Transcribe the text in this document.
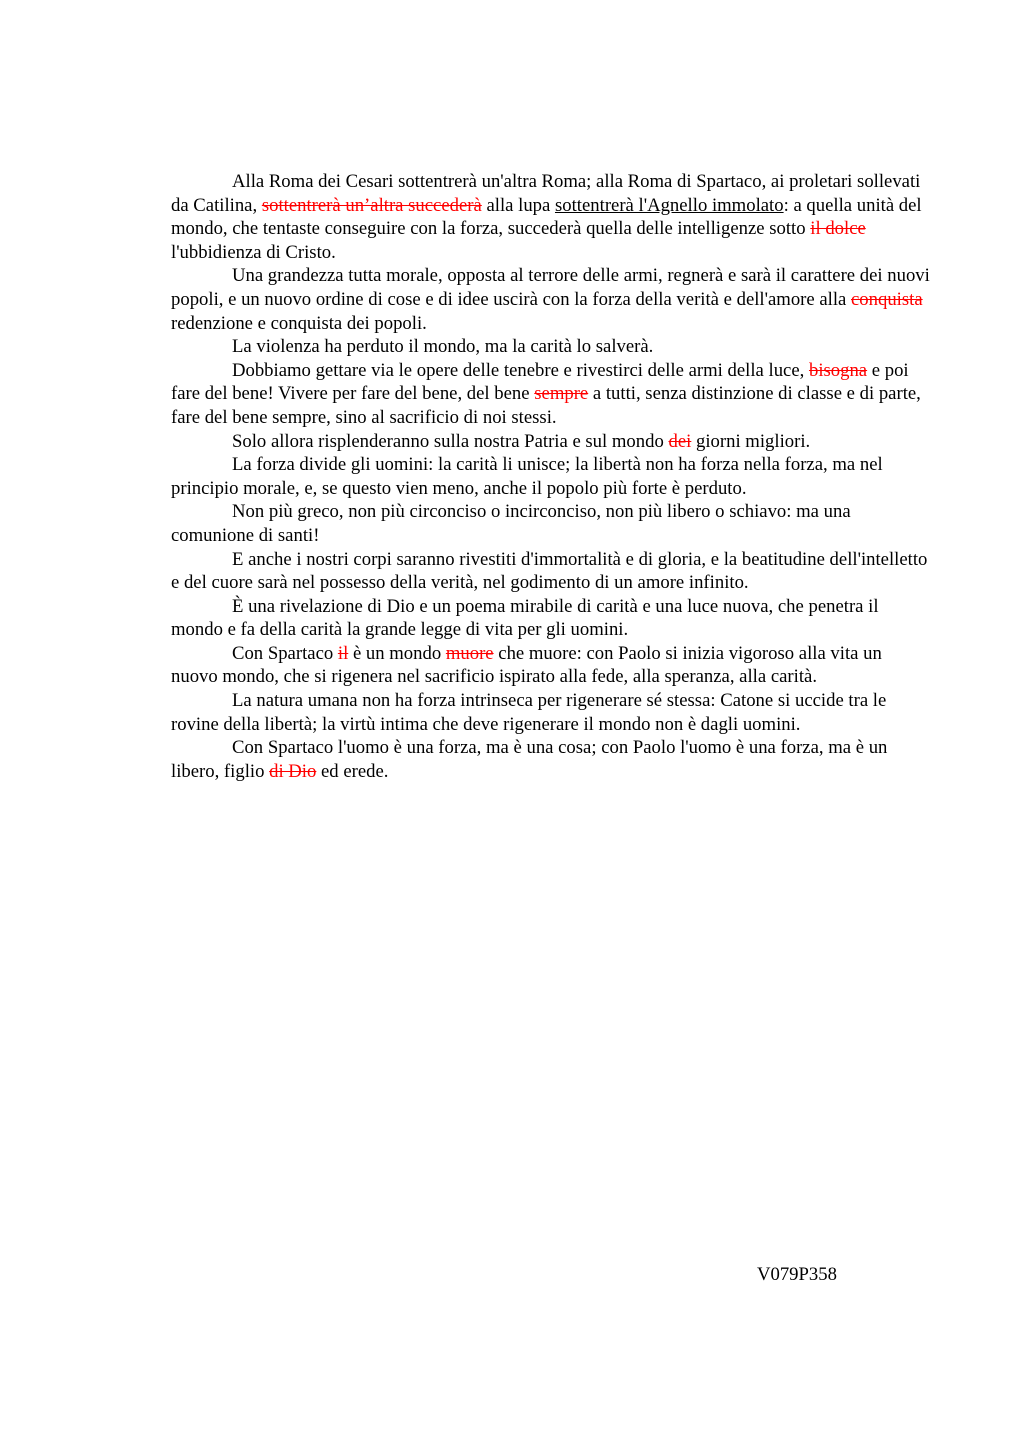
Alla Roma dei Cesari sottentrerà un'altra Roma; alla Roma di Spartaco, ai proletari sollevati da Catilina, sottentrerà un’altra succederà alla lupa sottentrerà l'Agnello immolato: a quella unità del mondo, che tentaste conseguire con la forza, succederà quella delle intelligenze sotto il dolce l'ubbidienza di Cristo.

Una grandezza tutta morale, opposta al terrore delle armi, regnerà e sarà il carattere dei nuovi popoli, e un nuovo ordine di cose e di idee uscirà con la forza della verità e dell'amore alla conquista redenzione e conquista dei popoli.

La violenza ha perduto il mondo, ma la carità lo salverà.

Dobbiamo gettare via le opere delle tenebre e rivestirci delle armi della luce, bisogna e poi fare del bene! Vivere per fare del bene, del bene sempre a tutti, senza distinzione di classe e di parte, fare del bene sempre, sino al sacrificio di noi stessi.

Solo allora risplenderanno sulla nostra Patria e sul mondo dei giorni migliori.

La forza divide gli uomini: la carità li unisce; la libertà non ha forza nella forza, ma nel principio morale, e, se questo vien meno, anche il popolo più forte è perduto.

Non più greco, non più circonciso o incirconciso, non più libero o schiavo: ma una comunione di santi!

E anche i nostri corpi saranno rivestiti d'immortalità e di gloria, e la beatitudine dell'intelletto e del cuore sarà nel possesso della verità, nel godimento di un amore infinito.

È una rivelazione di Dio e un poema mirabile di carità e una luce nuova, che penetra il mondo e fa della carità la grande legge di vita per gli uomini.

Con Spartaco il è un mondo muore che muore: con Paolo si inizia vigoroso alla vita un nuovo mondo, che si rigenera nel sacrificio ispirato alla fede, alla speranza, alla carità.

La natura umana non ha forza intrinseca per rigenerare sé stessa: Catone si uccide tra le rovine della libertà; la virtù intima che deve rigenerare il mondo non è dagli uomini.

Con Spartaco l'uomo è una forza, ma è una cosa; con Paolo l'uomo è una forza, ma è un libero, figlio di Dio ed erede.

V079P358
